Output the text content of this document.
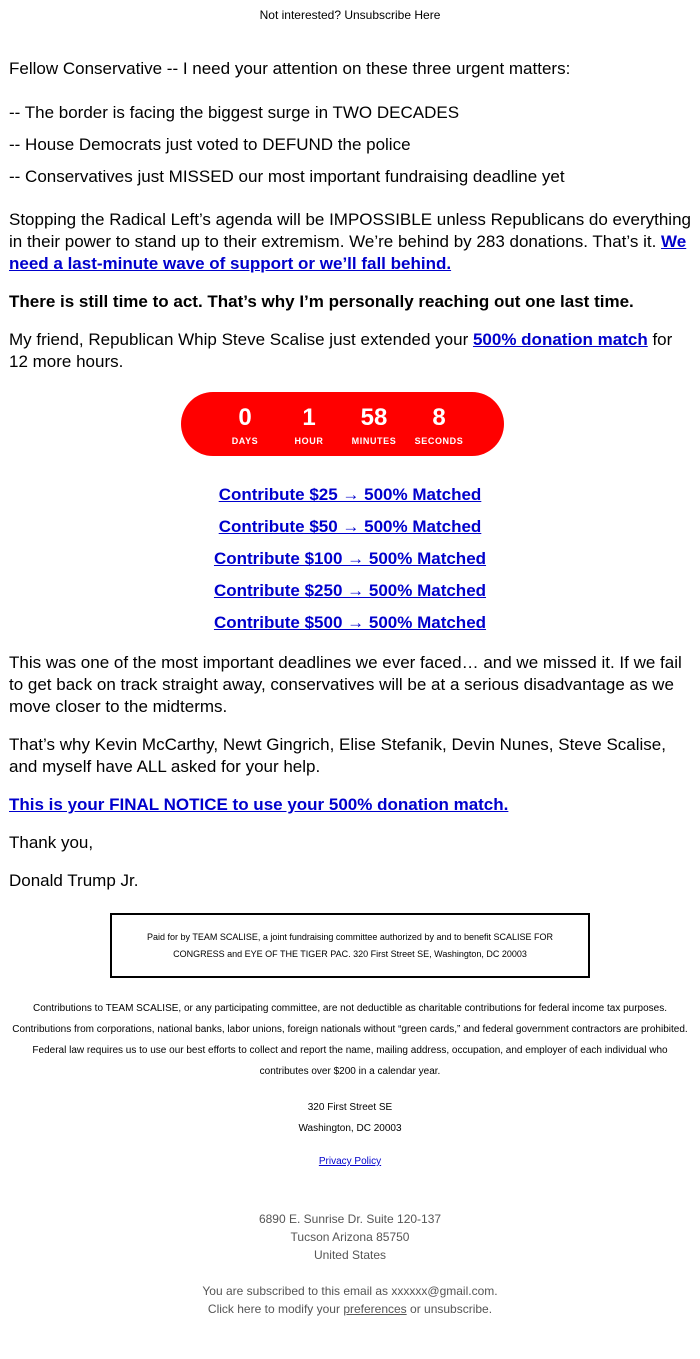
Not interested? Unsubscribe Here

Fellow Conservative -- I need your attention on these three urgent matters:

-- The border is facing the biggest surge in TWO DECADES

-- House Democrats just voted to DEFUND the police

-- Conservatives just MISSED our most important fundraising deadline yet

Stopping the Radical Left’s agenda will be IMPOSSIBLE unless Republicans do everything in their power to stand up to their extremism. We’re behind by 283 donations. That’s it. We need a last-minute wave of support or we’ll fall behind.

There is still time to act. That’s why I’m personally reaching out one last time.

My friend, Republican Whip Steve Scalise just extended your 500% donation match for 12 more hours.

0
DAYS
1
HOUR
58
MINUTES
8
SECONDS
Contribute $25 → 500% Matched
Contribute $50 → 500% Matched
Contribute $100 → 500% Matched
Contribute $250 → 500% Matched
Contribute $500 → 500% Matched

This was one of the most important deadlines we ever faced… and we missed it. If we fail to get back on track straight away, conservatives will be at a serious disadvantage as we move closer to the midterms.

That’s why Kevin McCarthy, Newt Gingrich, Elise Stefanik, Devin Nunes, Steve Scalise, and myself have ALL asked for your help.

This is your FINAL NOTICE to use your 500% donation match.

Thank you,

Donald Trump Jr.

Paid for by TEAM SCALISE, a joint fundraising committee authorized by and to benefit SCALISE FOR CONGRESS and EYE OF THE TIGER PAC. 320 First Street SE, Washington, DC 20003
Contributions to TEAM SCALISE, or any participating committee, are not deductible as charitable contributions for federal income tax purposes. Contributions from corporations, national banks, labor unions, foreign nationals without “green cards,” and federal government contractors are prohibited. Federal law requires us to use our best efforts to collect and report the name, mailing address, occupation, and employer of each individual who contributes over $200 in a calendar year.
320 First Street SE
Washington, DC 20003
Privacy Policy
6890 E. Sunrise Dr. Suite 120-137
Tucson Arizona 85750
United States
You are subscribed to this email as xxxxxx@gmail.com.
Click here to modify your preferences or unsubscribe.
